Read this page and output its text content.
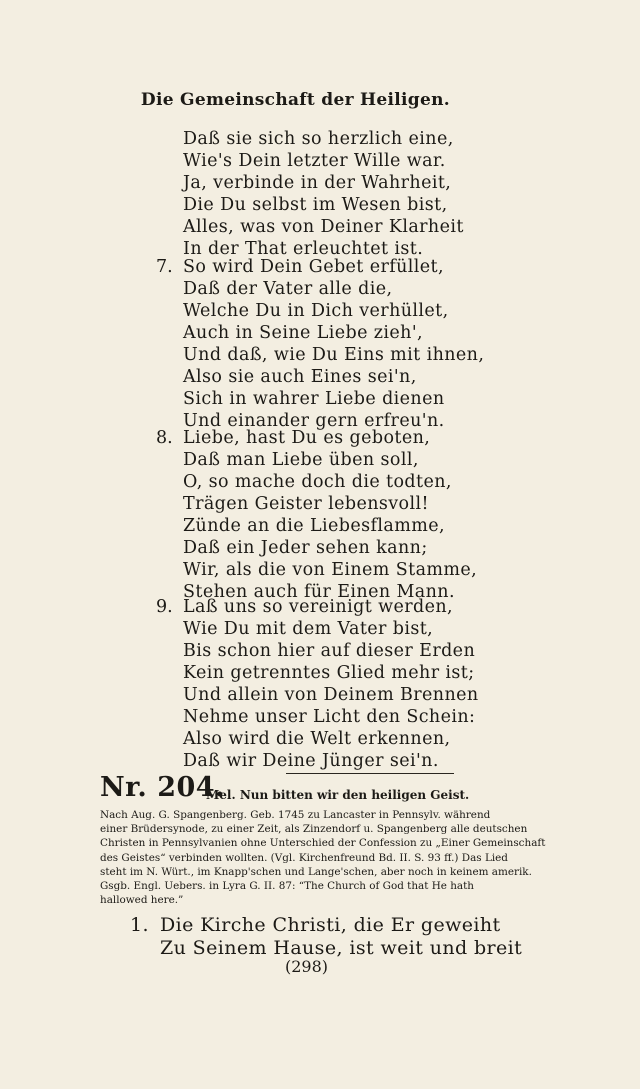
Die Gemeinschaft der Heiligen.
Daß sie sich so herzlich eine,
Wie's Dein letzter Wille war.
Ja, verbinde in der Wahrheit,
Die Du selbst im Wesen bist,
Alles, was von Deiner Klarheit
In der That erleuchtet ist.
7. So wird Dein Gebet erfüllet,
Daß der Vater alle die,
Welche Du in Dich verhüllet,
Auch in Seine Liebe zieh',
Und daß, wie Du Eins mit ihnen,
Also sie auch Eines sei'n,
Sich in wahrer Liebe dienen
Und einander gern erfreu'n.
8. Liebe, hast Du es geboten,
Daß man Liebe üben soll,
O, so mache doch die todten,
Trägen Geister lebensvoll!
Zünde an die Liebesflamme,
Daß ein Jeder sehen kann;
Wir, als die von Einem Stamme,
Stehen auch für Einen Mann.
9. Laß uns so vereinigt werden,
Wie Du mit dem Vater bist,
Bis schon hier auf dieser Erden
Kein getrenntes Glied mehr ist;
Und allein von Deinem Brennen
Nehme unser Licht den Schein:
Also wird die Welt erkennen,
Daß wir Deine Jünger sei'n.
Nr. 204.
Mel. Nun bitten wir den heiligen Geist.
Nach Aug. G. Spangenberg. Geb. 1745 zu Lancaster in Pennsylv. während
einer Brüdersynode, zu einer Zeit, als Zinzendorf u. Spangenberg alle deutschen
Christen in Pennsylvanien ohne Unterschied der Confession zu „Einer Gemeinschaft
des Geistes“ verbinden wollten. (Vgl. Kirchenfreund Bd. II. S. 93 ff.) Das Lied
steht im N. Würt., im Knapp'schen und Lange'schen, aber noch in keinem amerik.
Gsgb. Engl. Uebers. in Lyra G. II. 87: “The Church of God that He hath
hallowed here.”
1. Die Kirche Christi, die Er geweiht
Zu Seinem Hause, ist weit und breit
(298)
